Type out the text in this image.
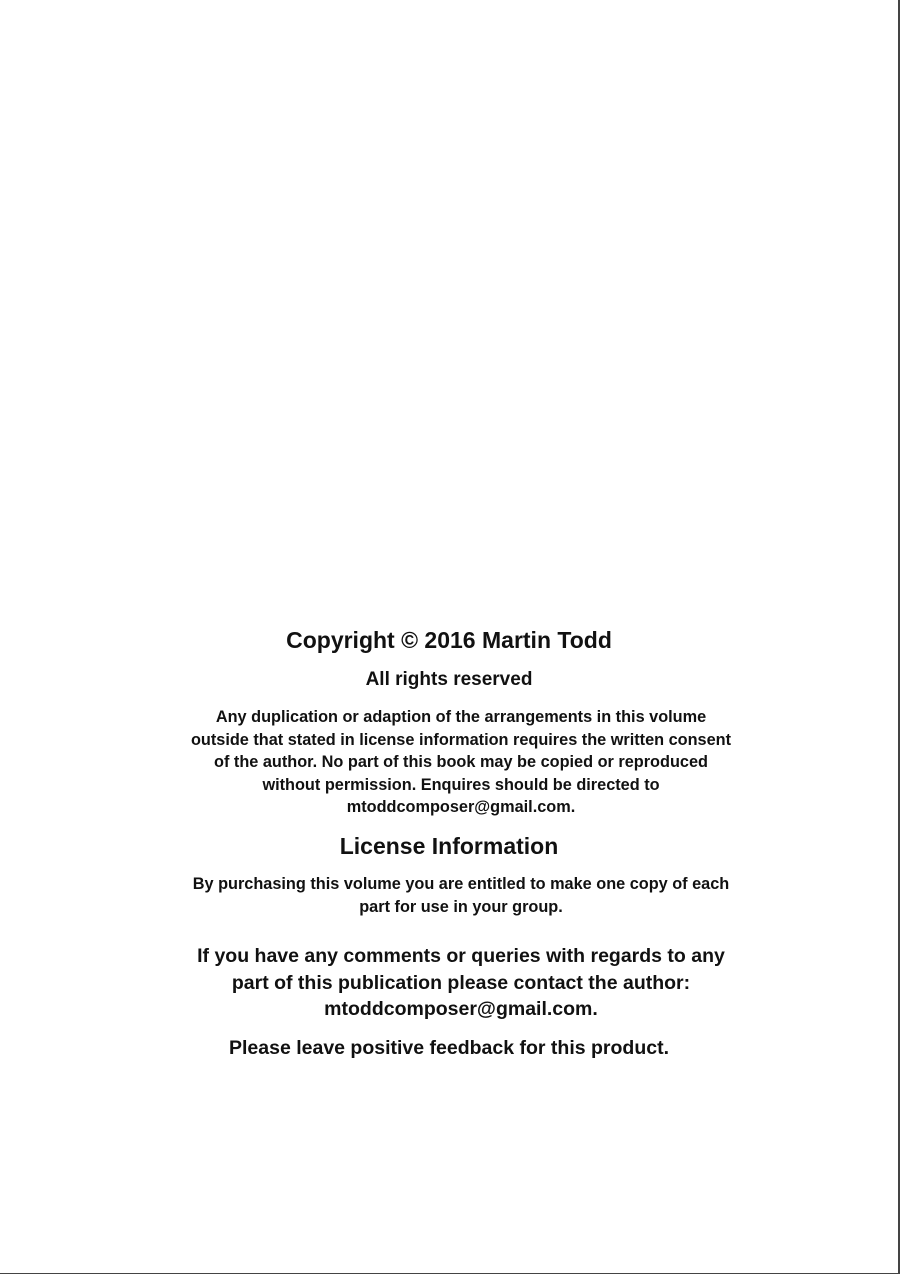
Copyright © 2016 Martin Todd
All rights reserved
Any duplication or adaption of the arrangements in this volume
outside that stated in license information requires the written consent
of the author. No part of this book may be copied or reproduced
without permission. Enquires should be directed to
mtoddcomposer@gmail.com.
License Information
By purchasing this volume you are entitled to make one copy of each
part for use in your group.
If you have any comments or queries with regards to any
part of this publication please contact the author:
mtoddcomposer@gmail.com.
Please leave positive feedback for this product.
